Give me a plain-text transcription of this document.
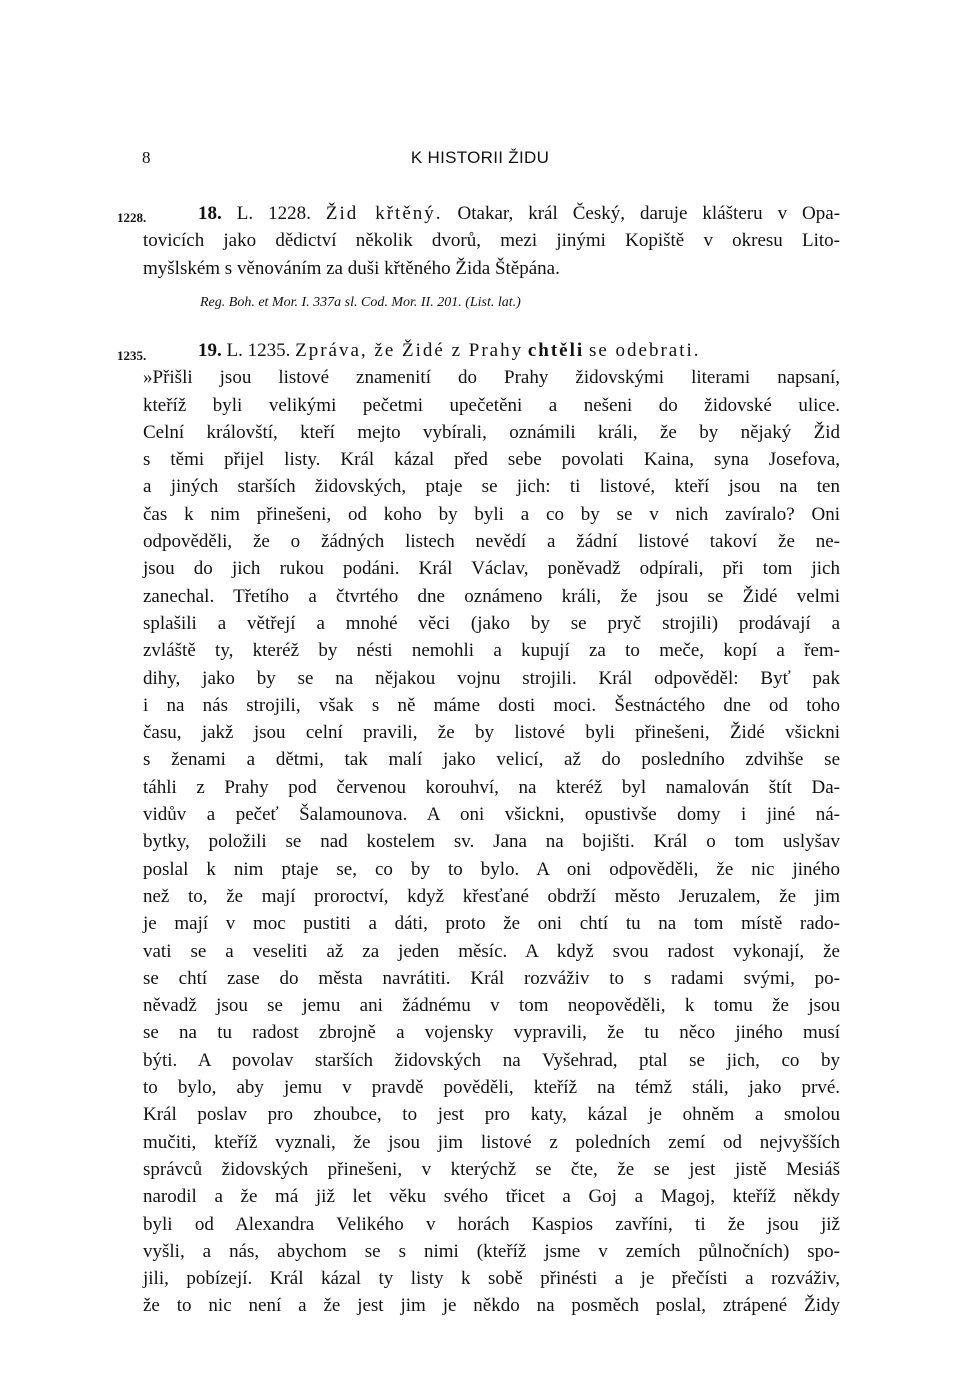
8	K HISTORII ŽIDU
1228.	18. L. 1228. Žid křtěný. Otakar, král Český, daruje klášteru v Opa-
tovicích jako dědictví několik dvorů, mezi jinými Kopiště v okresu Lito-
myšlském s věnováním za duši křtěného Žida Štěpána.
Reg. Boh. et Mor. I. 337a sl. Cod. Mor. II. 201. (List. lat.)
1235.	19. L. 1235. Zpráva, že Židé z Prahy chtěli se odebrati.
»Přišli jsou listové znamenití do Prahy židovskými literami napsaní,
kteříž byli velikými pečetmi upečetěni a nešeni do židovské ulice.
Celní královští, kteří mejto vybírali, oznámili králi, že by nějaký Žid
s těmi přijel listy. Král kázal před sebe povolati Kaina, syna Josefova,
a jiných starších židovských, ptaje se jich: ti listové, kteří jsou na ten
čas k nim přinešeni, od koho by byli a co by se v nich zavíralo? Oni
odpověděli, že o žádných listech nevědí a žádní listové takoví že ne-
jsou do jich rukou podáni. Král Václav, poněvadž odpírali, při tom jich
zanechal. Třetího a čtvrtého dne oznámeno králi, že jsou se Židé velmi
splašili a větřejí a mnohé věci (jako by se pryč strojili) prodávají a
zvláště ty, kteréž by nésti nemohli a kupují za to meče, kopí a řem-
dihy, jako by se na nějakou vojnu strojili. Král odpověděl: Byť pak
i na nás strojili, však s ně máme dosti moci. Šestnáctého dne od toho
času, jakž jsou celní pravili, že by listové byli přinešeni, Židé všickni
s ženami a dětmi, tak malí jako velicí, až do posledního zdvihše se
táhli z Prahy pod červenou korouhví, na kteréž byl namalován štít Da-
vidův a pečeť Šalamounova. A oni všickni, opustivše domy i jiné ná-
bytky, položili se nad kostelem sv. Jana na bojišti. Král o tom uslyšav
poslal k nim ptaje se, co by to bylo. A oni odpověděli, že nic jiného
než to, že mají proroctví, když křesťané obdrží město Jeruzalem, že jim
je mají v moc pustiti a dáti, proto že oni chtí tu na tom místě rado-
vati se a veseliti až za jeden měsíc. A když svou radost vykonají, že
se chtí zase do města navrátiti. Král rozváživ to s radami svými, po-
něvadž jsou se jemu ani žádnému v tom neopověděli, k tomu že jsou
se na tu radost zbrojně a vojensky vypravili, že tu něco jiného musí
býti. A povolav starších židovských na Vyšehrad, ptal se jich, co by
to bylo, aby jemu v pravdě pověděli, kteříž na témž stáli, jako prvé.
Král poslav pro zhoubce, to jest pro katy, kázal je ohněm a smolou
mučiti, kteříž vyznali, že jsou jim listové z poledních zemí od nejvyšších
správců židovských přinešeni, v kterýchž se čte, že se jest jistě Mesiáš
narodil a že má již let věku svého třicet a Goj a Magoj, kteříž někdy
byli od Alexandra Velikého v horách Kaspios zavříni, ti že jsou již
vyšli, a nás, abychom se s nimi (kteříž jsme v zemích půlnočních) spo-
jili, pobízejí. Král kázal ty listy k sobě přinésti a je přečísti a rozváživ,
že to nic není a že jest jim je někdo na posměch poslal, ztrápené Židy
